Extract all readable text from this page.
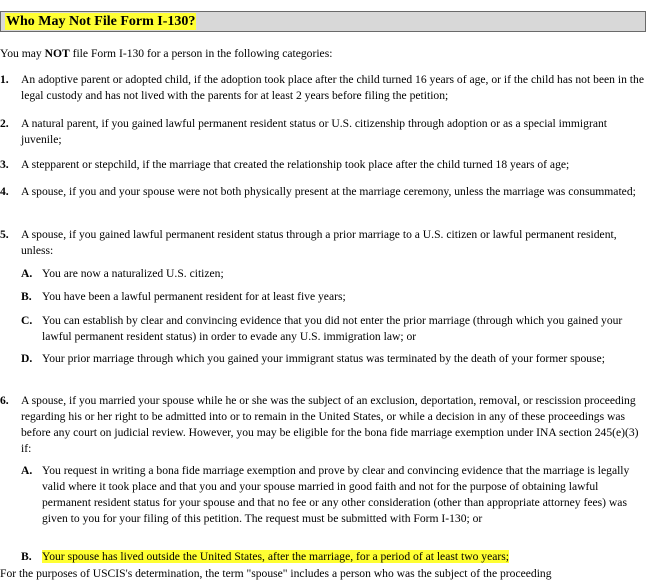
Who May Not File Form I-130?
You may NOT file Form I-130 for a person in the following categories:
1. An adoptive parent or adopted child, if the adoption took place after the child turned 16 years of age, or if the child has not been in the legal custody and has not lived with the parents for at least 2 years before filing the petition;
2. A natural parent, if you gained lawful permanent resident status or U.S. citizenship through adoption or as a special immigrant juvenile;
3. A stepparent or stepchild, if the marriage that created the relationship took place after the child turned 18 years of age;
4. A spouse, if you and your spouse were not both physically present at the marriage ceremony, unless the marriage was consummated;
5. A spouse, if you gained lawful permanent resident status through a prior marriage to a U.S. citizen or lawful permanent resident, unless:
A. You are now a naturalized U.S. citizen;
B. You have been a lawful permanent resident for at least five years;
C. You can establish by clear and convincing evidence that you did not enter the prior marriage (through which you gained your lawful permanent resident status) in order to evade any U.S. immigration law; or
D. Your prior marriage through which you gained your immigrant status was terminated by the death of your former spouse;
6. A spouse, if you married your spouse while he or she was the subject of an exclusion, deportation, removal, or rescission proceeding regarding his or her right to be admitted into or to remain in the United States, or while a decision in any of these proceedings was before any court on judicial review. However, you may be eligible for the bona fide marriage exemption under INA section 245(e)(3) if:
A. You request in writing a bona fide marriage exemption and prove by clear and convincing evidence that the marriage is legally valid where it took place and that you and your spouse married in good faith and not for the purpose of obtaining lawful permanent resident status for your spouse and that no fee or any other consideration (other than appropriate attorney fees) was given to you for your filing of this petition. The request must be submitted with Form I-130; or
B. Your spouse has lived outside the United States, after the marriage, for a period of at least two years;
For the purposes of USCIS's determination, the term "spouse" includes a person who was the subject of the proceeding
